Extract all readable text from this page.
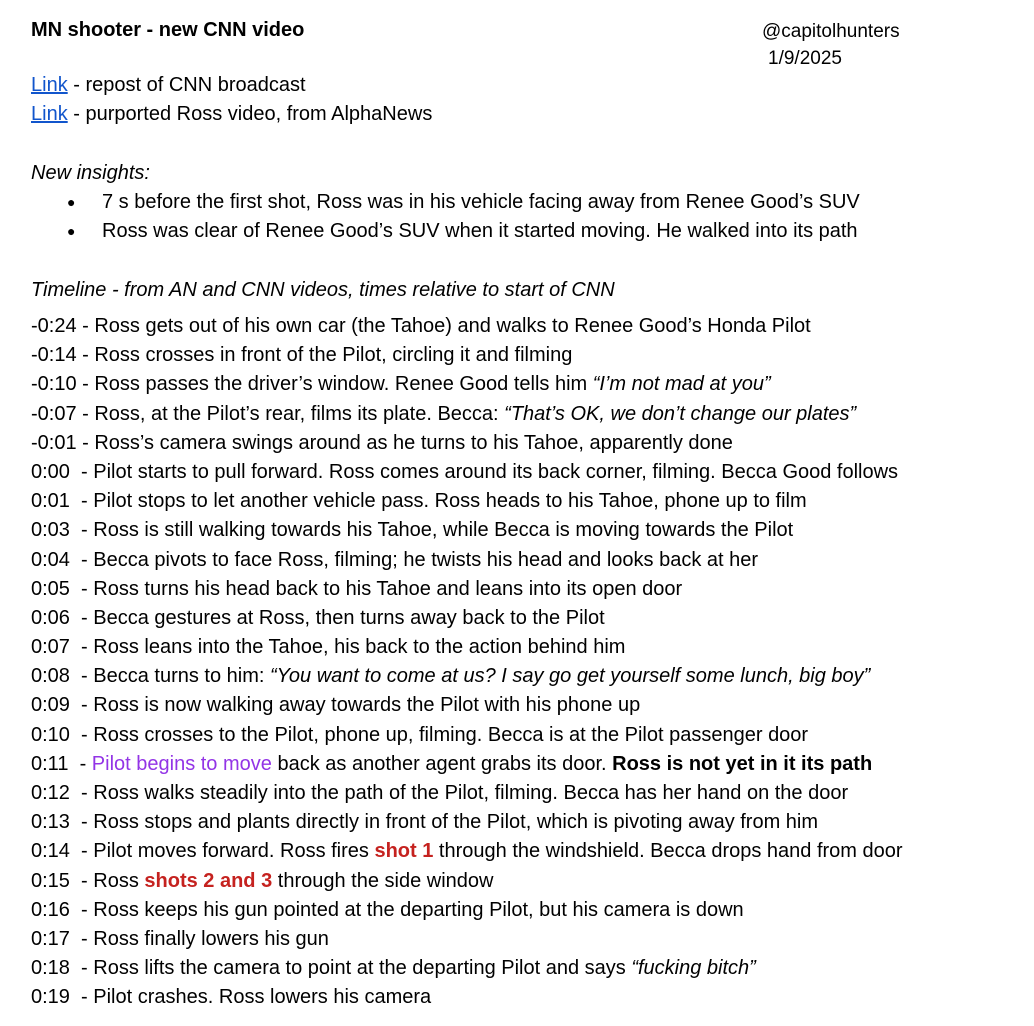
MN shooter - new CNN video	@capitolhunters
1/9/2025
Link - repost of CNN broadcast
Link - purported Ross video, from AlphaNews
New insights:
● 7 s before the first shot, Ross was in his vehicle facing away from Renee Good’s SUV
● Ross was clear of Renee Good’s SUV when it started moving. He walked into its path
Timeline - from AN and CNN videos, times relative to start of CNN
-0:24 - Ross gets out of his own car (the Tahoe) and walks to Renee Good’s Honda Pilot
-0:14 - Ross crosses in front of the Pilot, circling it and filming
-0:10 - Ross passes the driver’s window. Renee Good tells him “I’m not mad at you”
-0:07 - Ross, at the Pilot’s rear, films its plate. Becca: “That’s OK, we don’t change our plates”
-0:01 - Ross’s camera swings around as he turns to his Tahoe, apparently done
0:00  - Pilot starts to pull forward. Ross comes around its back corner, filming. Becca Good follows
0:01  - Pilot stops to let another vehicle pass. Ross heads to his Tahoe, phone up to film
0:03  - Ross is still walking towards his Tahoe, while Becca is moving towards the Pilot
0:04  - Becca pivots to face Ross, filming; he twists his head and looks back at her
0:05  - Ross turns his head back to his Tahoe and leans into its open door
0:06  - Becca gestures at Ross, then turns away back to the Pilot
0:07  - Ross leans into the Tahoe, his back to the action behind him
0:08  - Becca turns to him: “You want to come at us? I say go get yourself some lunch, big boy”
0:09  - Ross is now walking away towards the Pilot with his phone up
0:10  - Ross crosses to the Pilot, phone up, filming. Becca is at the Pilot passenger door
0:11  - Pilot begins to move back as another agent grabs its door. Ross is not yet in it its path
0:12  - Ross walks steadily into the path of the Pilot, filming. Becca has her hand on the door
0:13  - Ross stops and plants directly in front of the Pilot, which is pivoting away from him
0:14  - Pilot moves forward. Ross fires shot 1 through the windshield. Becca drops hand from door
0:15  - Ross shots 2 and 3 through the side window
0:16  - Ross keeps his gun pointed at the departing Pilot, but his camera is down
0:17  - Ross finally lowers his gun
0:18  - Ross lifts the camera to point at the departing Pilot and says “fucking bitch”
0:19  - Pilot crashes. Ross lowers his camera
